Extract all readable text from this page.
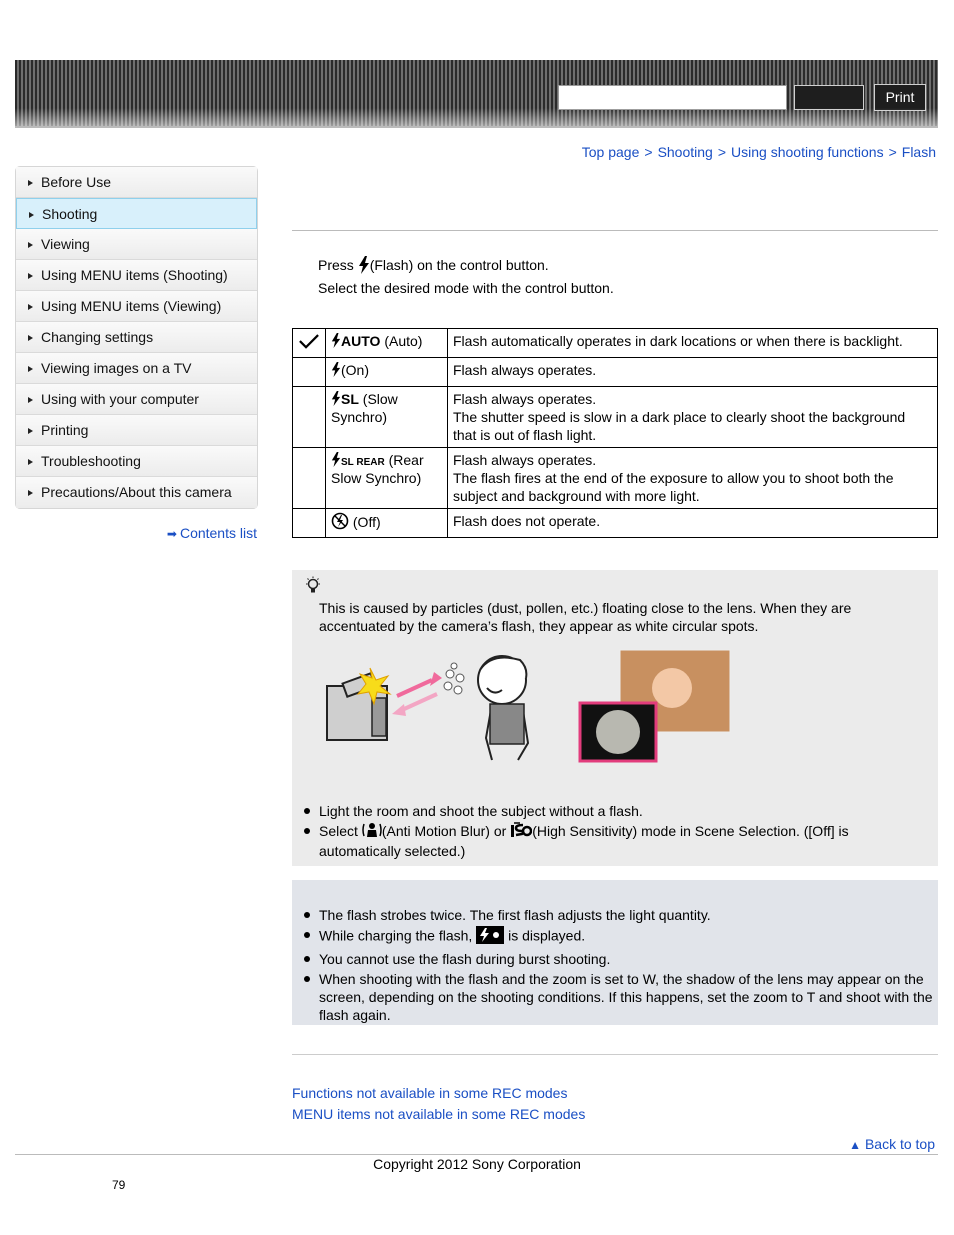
Print
Top page > Shooting > Using shooting functions > Flash
Before Use
Shooting
Viewing
Using MENU items (Shooting)
Using MENU items (Viewing)
Changing settings
Viewing images on a TV
Using with your computer
Printing
Troubleshooting
Precautions/About this camera
➡ Contents list
Press (Flash) on the control button.
Select the desired mode with the control button.
	AUTO (Auto)	Flash automatically operates in dark locations or when there is backlight.
	(On)	Flash always operates.
	SL (Slow Synchro)	Flash always operates.
The shutter speed is slow in a dark place to clearly shoot the background that is out of flash light.

	SL REAR (Rear Slow Synchro)	Flash always operates.
The flash fires at the end of the exposure to allow you to shoot both the subject and background with more light.

	(Off)	Flash does not operate.
This is caused by particles (dust, pollen, etc.) floating close to the lens. When they are accentuated by the camera’s flash, they appear as white circular spots.
Light the room and shoot the subject without a flash.
Select (Anti Motion Blur) or (High Sensitivity) mode in Scene Selection. ([Off] is automatically selected.)
The flash strobes twice. The first flash adjusts the light quantity.
While charging the flash,	is displayed.
You cannot use the flash during burst shooting.
When shooting with the flash and the zoom is set to W, the shadow of the lens may appear on the screen, depending on the shooting conditions. If this happens, set the zoom to T and shoot with the flash again.
Functions not available in some REC modes
MENU items not available in some REC modes
▲ Back to top
Copyright 2012 Sony Corporation
79
